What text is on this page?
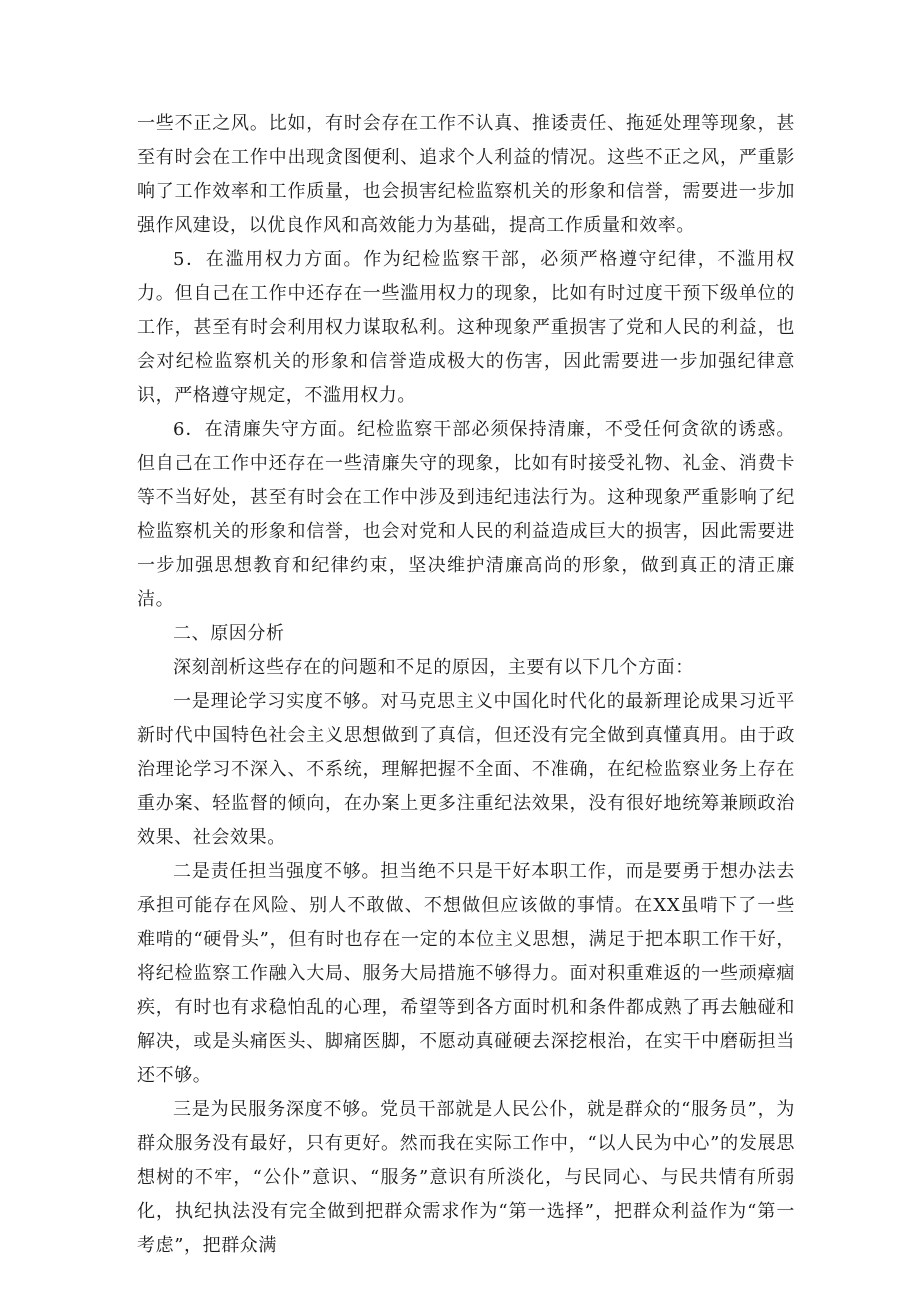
一些不正之风。比如，有时会存在工作不认真、推诿责任、拖延处理等现象，甚至有时会在工作中出现贪图便利、追求个人利益的情况。这些不正之风，严重影响了工作效率和工作质量，也会损害纪检监察机关的形象和信誉，需要进一步加强作风建设，以优良作风和高效能力为基础，提高工作质量和效率。

5．在滥用权力方面。作为纪检监察干部，必须严格遵守纪律，不滥用权力。但自己在工作中还存在一些滥用权力的现象，比如有时过度干预下级单位的工作，甚至有时会利用权力谋取私利。这种现象严重损害了党和人民的利益，也会对纪检监察机关的形象和信誉造成极大的伤害，因此需要进一步加强纪律意识，严格遵守规定，不滥用权力。

6．在清廉失守方面。纪检监察干部必须保持清廉，不受任何贪欲的诱惑。但自己在工作中还存在一些清廉失守的现象，比如有时接受礼物、礼金、消费卡等不当好处，甚至有时会在工作中涉及到违纪违法行为。这种现象严重影响了纪检监察机关的形象和信誉，也会对党和人民的利益造成巨大的损害，因此需要进一步加强思想教育和纪律约束，坚决维护清廉高尚的形象，做到真正的清正廉洁。

二、原因分析

深刻剖析这些存在的问题和不足的原因，主要有以下几个方面：

一是理论学习实度不够。对马克思主义中国化时代化的最新理论成果习近平新时代中国特色社会主义思想做到了真信，但还没有完全做到真懂真用。由于政治理论学习不深入、不系统，理解把握不全面、不准确，在纪检监察业务上存在重办案、轻监督的倾向，在办案上更多注重纪法效果，没有很好地统筹兼顾政治效果、社会效果。

二是责任担当强度不够。担当绝不只是干好本职工作，而是要勇于想办法去承担可能存在风险、别人不敢做、不想做但应该做的事情。在XX虽啃下了一些难啃的“硬骨头”，但有时也存在一定的本位主义思想，满足于把本职工作干好，将纪检监察工作融入大局、服务大局措施不够得力。面对积重难返的一些顽瘴痼疾，有时也有求稳怕乱的心理，希望等到各方面时机和条件都成熟了再去触碰和解决，或是头痛医头、脚痛医脚，不愿动真碰硬去深挖根治，在实干中磨砺担当还不够。

三是为民服务深度不够。党员干部就是人民公仆，就是群众的“服务员”，为群众服务没有最好，只有更好。然而我在实际工作中，“以人民为中心”的发展思想树的不牢，“公仆”意识、“服务”意识有所淡化，与民同心、与民共情有所弱化，执纪执法没有完全做到把群众需求作为“第一选择”，把群众利益作为“第一考虑”，把群众满
